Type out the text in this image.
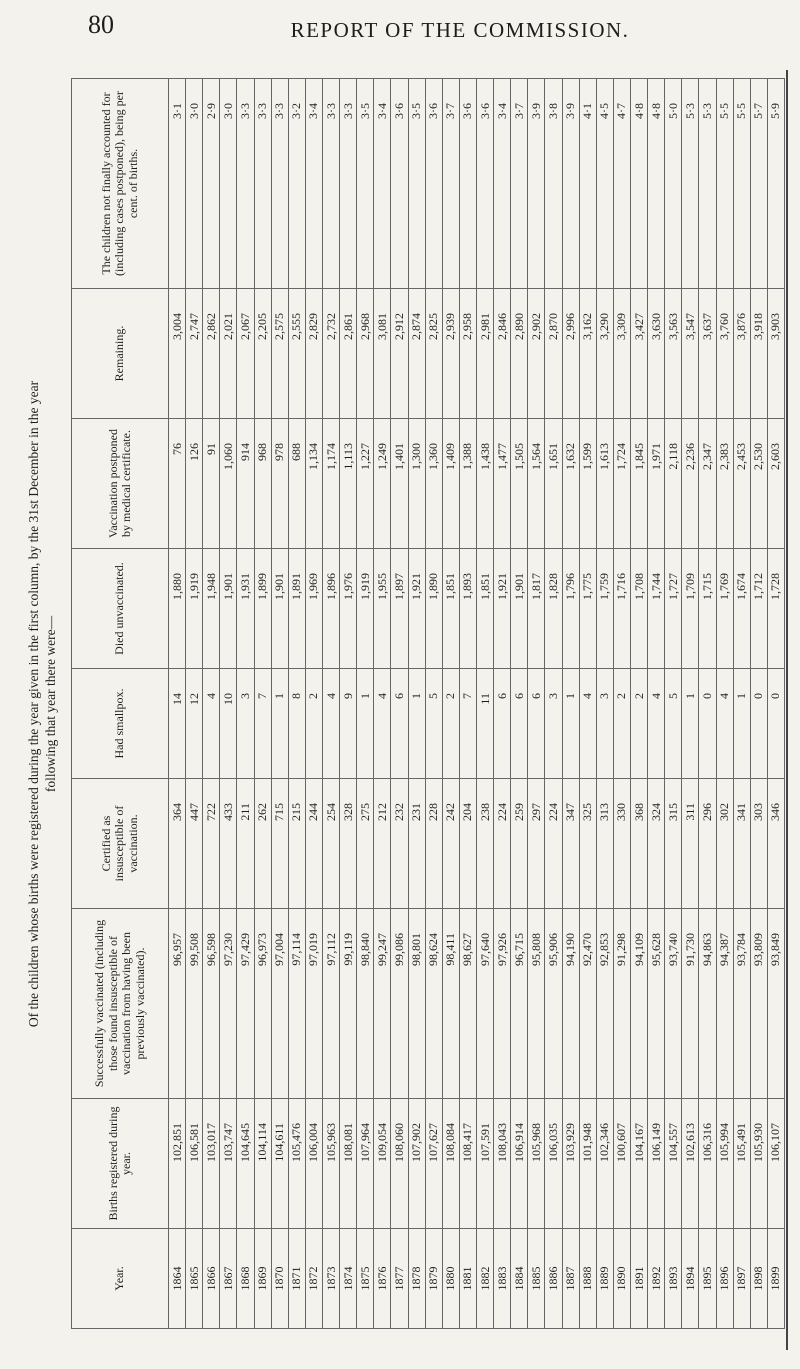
80	REPORT OF THE COMMISSION.
Of the children whose births were registered during the year given in the first column, by the 31st December in the year following that year there were—
Year.	Births registered during year.	Successfully vaccinated (including those found insusceptible of vaccination from having been previously vaccinated).	Certified as insusceptible of vaccination.	Had smallpox.	Died unvaccinated.	Vaccination postponed by medical certificate.	Remaining.	The children not finally accounted for (including cases postponed), being per cent. of births.
1864	102,851	96,957	364	14	1,880	76	3,004	3·1
1865	106,581	99,508	447	12	1,919	126	2,747	3·0
1866	103,017	96,598	722	4	1,948	91	2,862	2·9
1867	103,747	97,230	433	10	1,901	1,060	2,021	3·0
1868	104,645	97,429	211	3	1,931	914	2,067	3·3
1869	104,114	96,973	262	7	1,899	968	2,205	3·3
1870	104,611	97,004	715	1	1,901	978	2,575	3·3
1871	105,476	97,114	215	8	1,891	688	2,555	3·2
1872	106,004	97,019	244	2	1,969	1,134	2,829	3·4
1873	105,963	97,112	254	4	1,896	1,174	2,732	3·3
1874	108,081	99,119	328	9	1,976	1,113	2,861	3·3
1875	107,964	98,840	275	1	1,919	1,227	2,968	3·5
1876	109,054	99,247	212	4	1,955	1,249	3,081	3·4
1877	108,060	99,086	232	6	1,897	1,401	2,912	3·6
1878	107,902	98,801	231	1	1,921	1,300	2,874	3·5
1879	107,627	98,624	228	5	1,890	1,360	2,825	3·6
1880	108,084	98,411	242	2	1,851	1,409	2,939	3·7
1881	108,417	98,627	204	7	1,893	1,388	2,958	3·6
1882	107,591	97,640	238	11	1,851	1,438	2,981	3·6
1883	108,043	97,926	224	6	1,921	1,477	2,846	3·4
1884	106,914	96,715	259	6	1,901	1,505	2,890	3·7
1885	105,968	95,808	297	6	1,817	1,564	2,902	3·9
1886	106,035	95,906	224	3	1,828	1,651	2,870	3·8
1887	103,929	94,190	347	1	1,796	1,632	2,996	3·9
1888	101,948	92,470	325	4	1,775	1,599	3,162	4·1
1889	102,346	92,853	313	3	1,759	1,613	3,290	4·5
1890	100,607	91,298	330	2	1,716	1,724	3,309	4·7
1891	104,167	94,109	368	2	1,708	1,845	3,427	4·8
1892	106,149	95,628	324	4	1,744	1,971	3,630	4·8
1893	104,557	93,740	315	5	1,727	2,118	3,563	5·0
1894	102,613	91,730	311	1	1,709	2,236	3,547	5·3
1895	106,316	94,863	296	0	1,715	2,347	3,637	5·3
1896	105,994	94,387	302	4	1,769	2,383	3,760	5·5
1897	105,491	93,784	341	1	1,674	2,453	3,876	5·5
1898	105,930	93,809	303	0	1,712	2,530	3,918	5·7
1899	106,107	93,849	346	0	1,728	2,603	3,903	5·9
